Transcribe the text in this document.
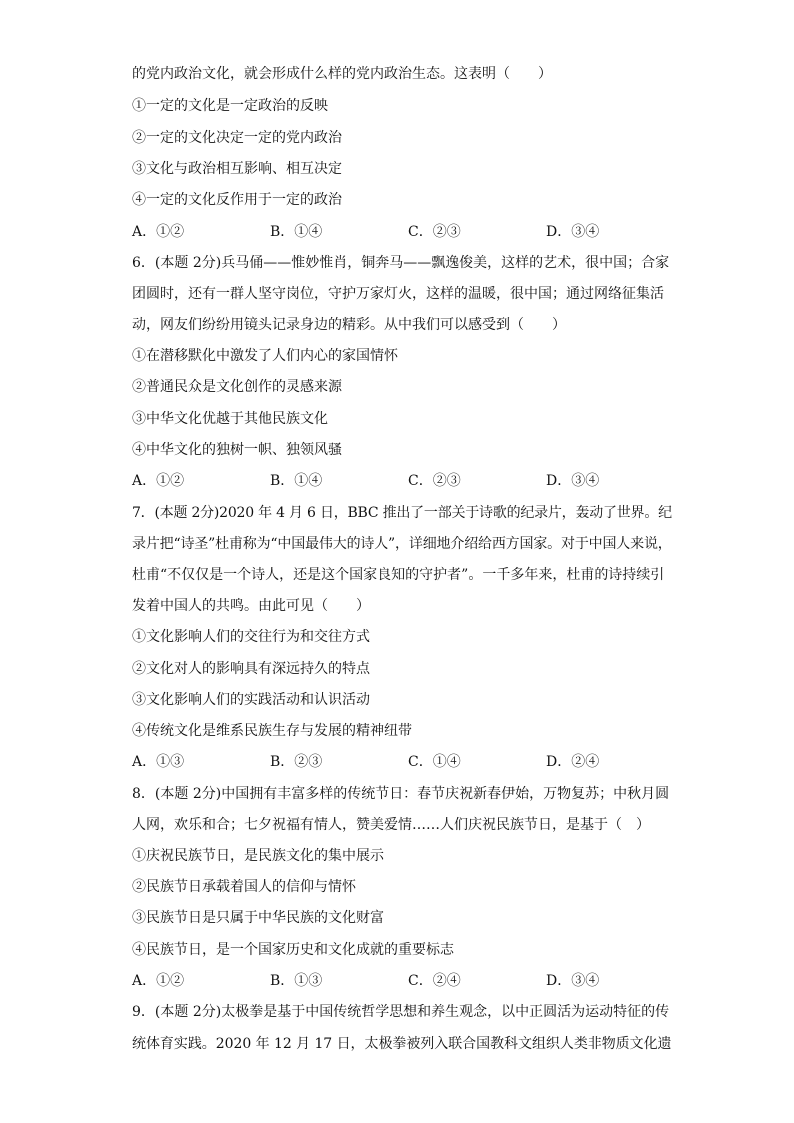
的党内政治文化，就会形成什么样的党内政治生态。这表明（　　）
①一定的文化是一定政治的反映
②一定的文化决定一定的党内政治
③文化与政治相互影响、相互决定
④一定的文化反作用于一定的政治
A．①②	B．①④	C．②③	D．③④
6．(本题 2分)兵马俑——惟妙惟肖，铜奔马——飘逸俊美，这样的艺术，很中国；合家
团圆时，还有一群人坚守岗位，守护万家灯火，这样的温暖，很中国；通过网络征集活
动，网友们纷纷用镜头记录身边的精彩。从中我们可以感受到（　　）
①在潜移默化中激发了人们内心的家国情怀
②普通民众是文化创作的灵感来源
③中华文化优越于其他民族文化
④中华文化的独树一帜、独领风骚
A．①②	B．①④	C．②③	D．③④
7．(本题 2分)2020 年 4 月 6 日，BBC 推出了一部关于诗歌的纪录片，轰动了世界。纪
录片把“诗圣”杜甫称为“中国最伟大的诗人”，详细地介绍给西方国家。对于中国人来说，
杜甫“不仅仅是一个诗人，还是这个国家良知的守护者”。一千多年来，杜甫的诗持续引
发着中国人的共鸣。由此可见（　　）
①文化影响人们的交往行为和交往方式
②文化对人的影响具有深远持久的特点
③文化影响人们的实践活动和认识活动
④传统文化是维系民族生存与发展的精神纽带
A．①③	B．②③	C．①④	D．②④
8．(本题 2分)中国拥有丰富多样的传统节日：春节庆祝新春伊始，万物复苏；中秋月圆
人网，欢乐和合；七夕祝福有情人，赞美爱情……人们庆祝民族节日，是基于（　）
①庆祝民族节日，是民族文化的集中展示
②民族节日承载着国人的信仰与情怀
③民族节日是只属于中华民族的文化财富
④民族节日，是一个国家历史和文化成就的重要标志
A．①②	B．①③	C．②④	D．③④
9．(本题 2分)太极拳是基于中国传统哲学思想和养生观念，以中正圆活为运动特征的传
统体育实践。2020 年 12 月 17 日，太极拳被列入联合国教科文组织人类非物质文化遗
